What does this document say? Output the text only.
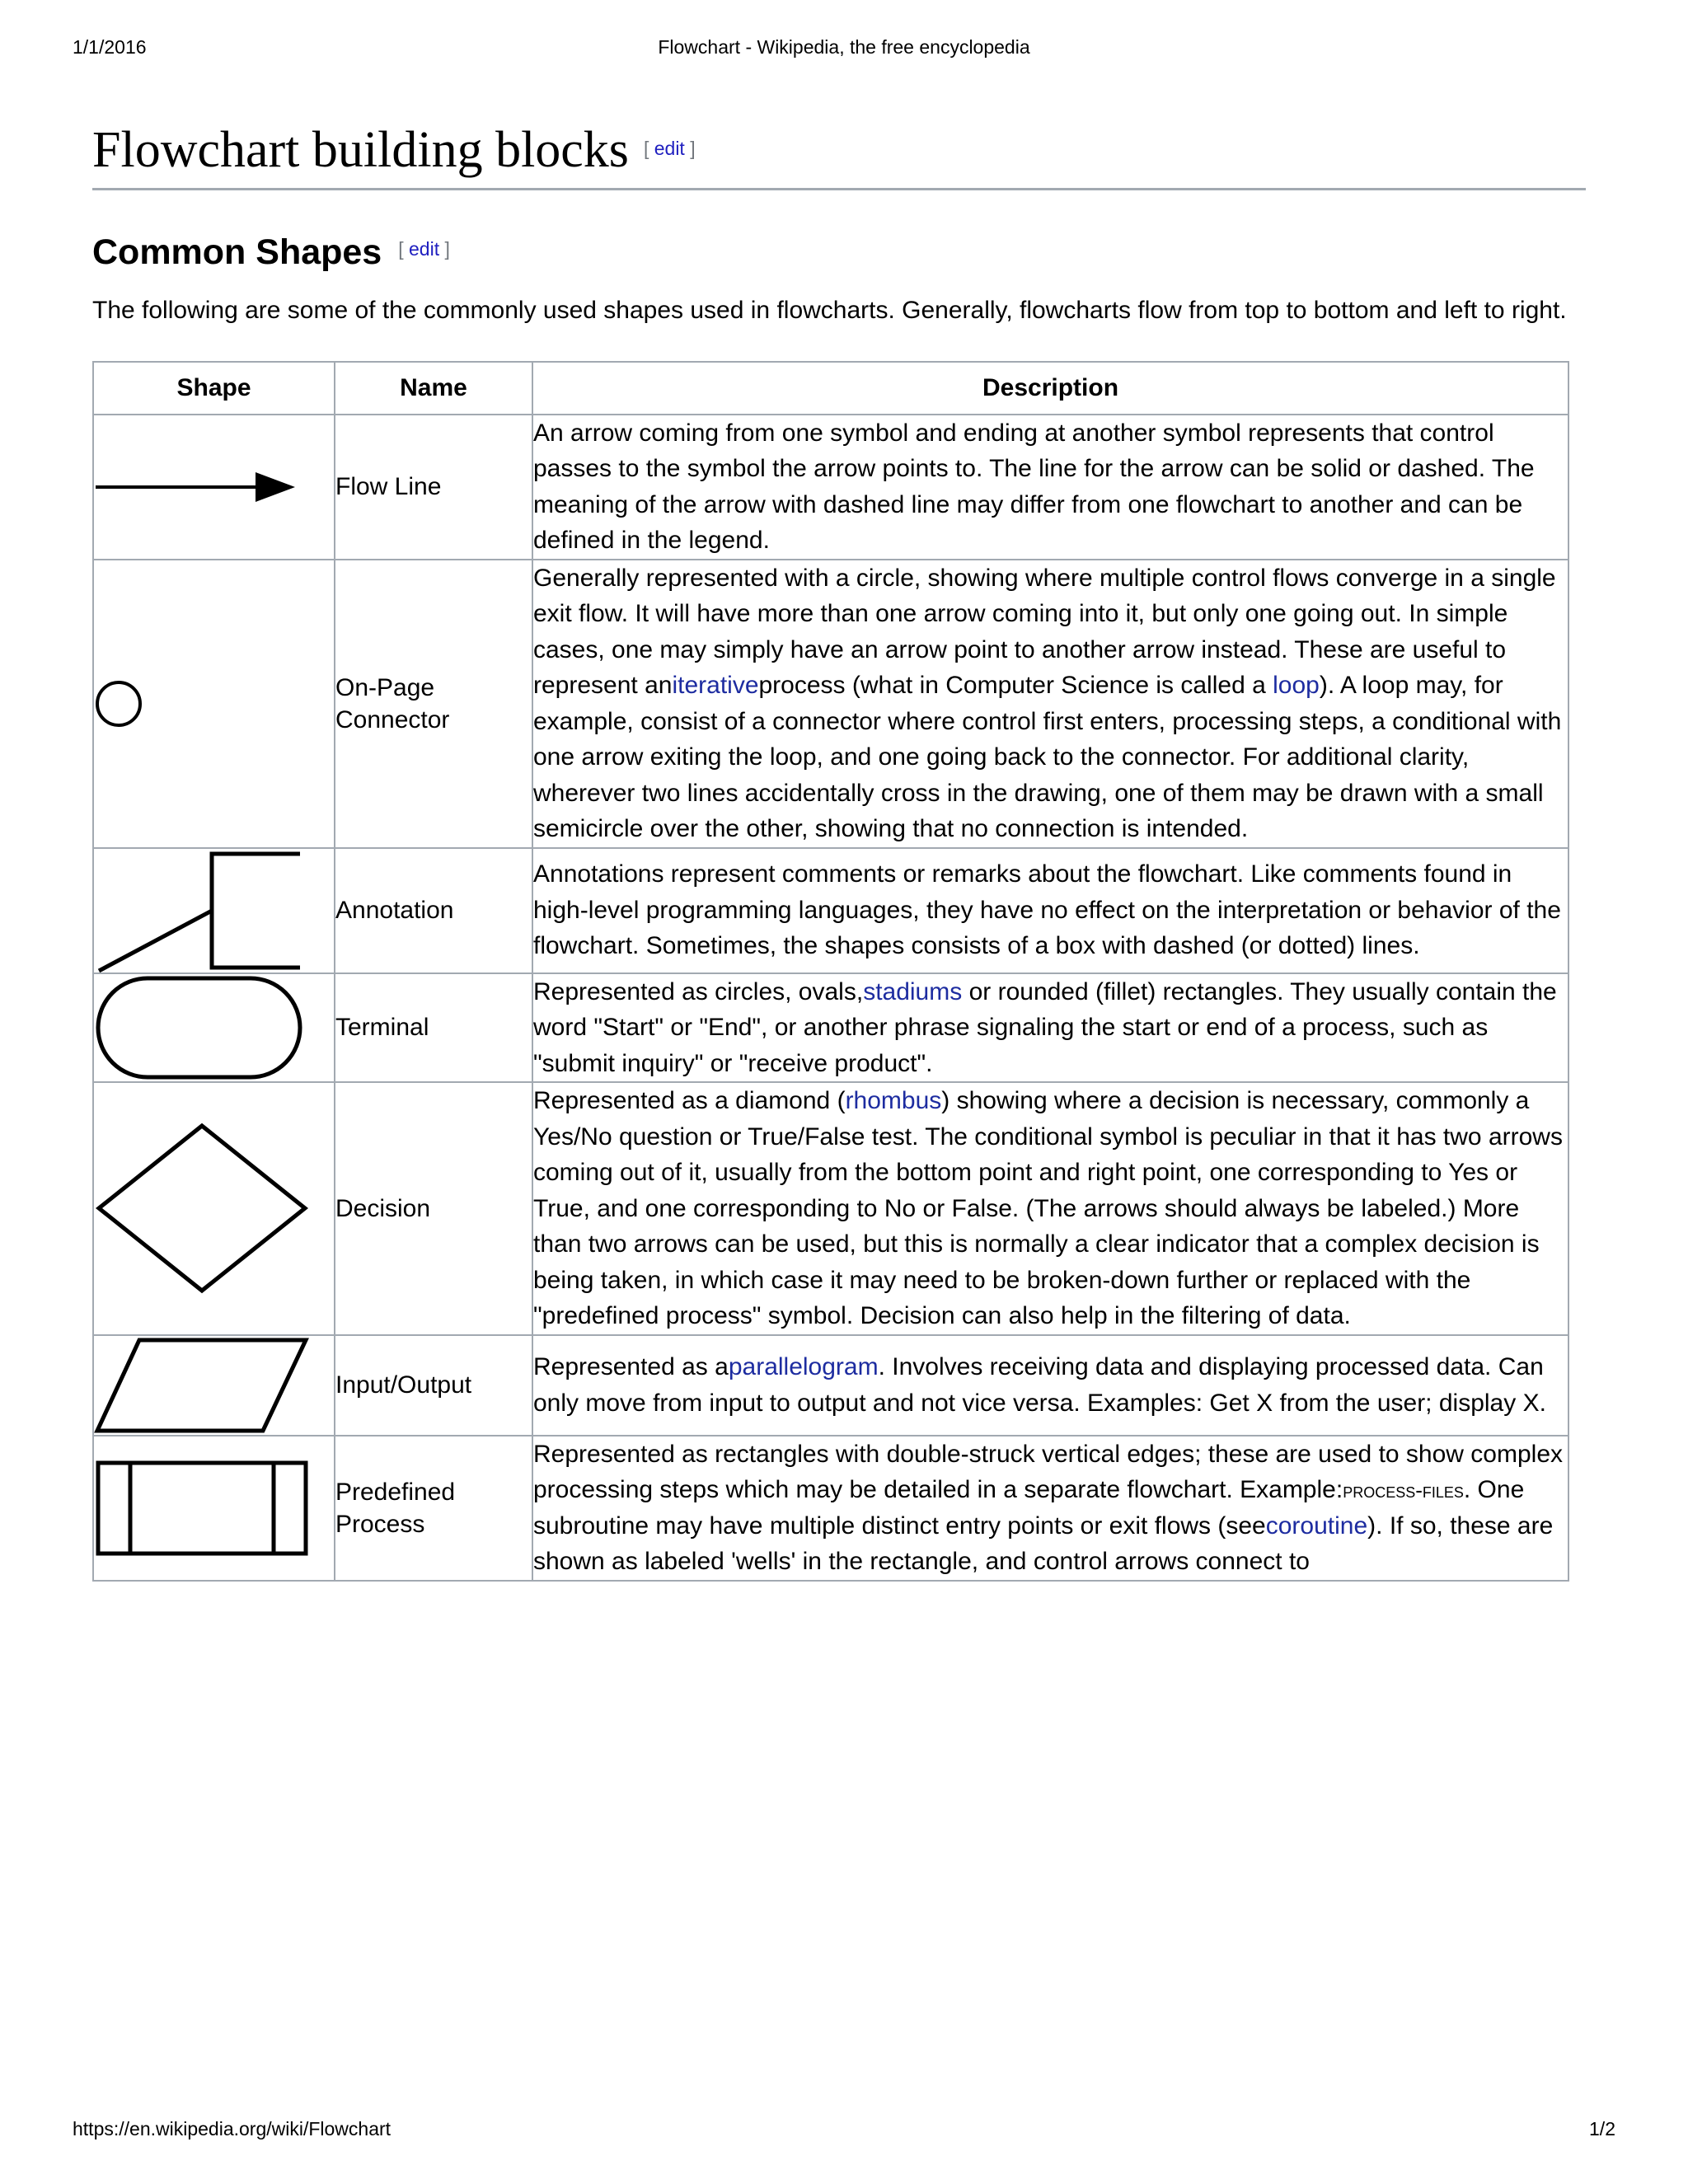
1/1/2016	Flowchart - Wikipedia, the free encyclopedia
Flowchart building blocks [ edit ]
Common Shapes [ edit ]

The following are some of the commonly used shapes used in flowcharts. Generally, flowcharts flow from top to bottom and left to right.

Shape	Name	Description

	Flow Line	An arrow coming from one symbol and ending at another symbol represents that control passes to the symbol the arrow points to. The line for the arrow can be solid or dashed. The meaning of the arrow with dashed line may differ from one flowchart to another and can be defined in the legend.

	On-Page Connector	Generally represented with a circle, showing where multiple control flows converge in a single exit flow. It will have more than one arrow coming into it, but only one going out. In simple cases, one may simply have an arrow point to another arrow instead. These are useful to represent aniterativeprocess (what in Computer Science is called a loop). A loop may, for example, consist of a connector where control first enters, processing steps, a conditional with one arrow exiting the loop, and one going back to the connector. For additional clarity, wherever two lines accidentally cross in the drawing, one of them may be drawn with a small semicircle over the other, showing that no connection is intended.

	Annotation	Annotations represent comments or remarks about the flowchart. Like comments found in high-level programming languages, they have no effect on the interpretation or behavior of the flowchart. Sometimes, the shapes consists of a box with dashed (or dotted) lines.

	Terminal	Represented as circles, ovals,stadiums or rounded (fillet) rectangles. They usually contain the word "Start" or "End", or another phrase signaling the start or end of a process, such as "submit inquiry" or "receive product".

	Decision	Represented as a diamond (rhombus) showing where a decision is necessary, commonly a Yes/No question or True/False test. The conditional symbol is peculiar in that it has two arrows coming out of it, usually from the bottom point and right point, one corresponding to Yes or True, and one corresponding to No or False. (The arrows should always be labeled.) More than two arrows can be used, but this is normally a clear indicator that a complex decision is being taken, in which case it may need to be broken-down further or replaced with the "predefined process" symbol. Decision can also help in the filtering of data.

	Input/Output	Represented as aparallelogram. Involves receiving data and displaying processed data. Can only move from input to output and not vice versa. Examples: Get X from the user; display X.

	Predefined Process	Represented as rectangles with double-struck vertical edges; these are used to show complex processing steps which may be detailed in a separate flowchart. Example:process-files. One subroutine may have multiple distinct entry points or exit flows (seecoroutine). If so, these are shown as labeled 'wells' in the rectangle, and control arrows connect to
https://en.wikipedia.org/wiki/Flowchart	1/2
